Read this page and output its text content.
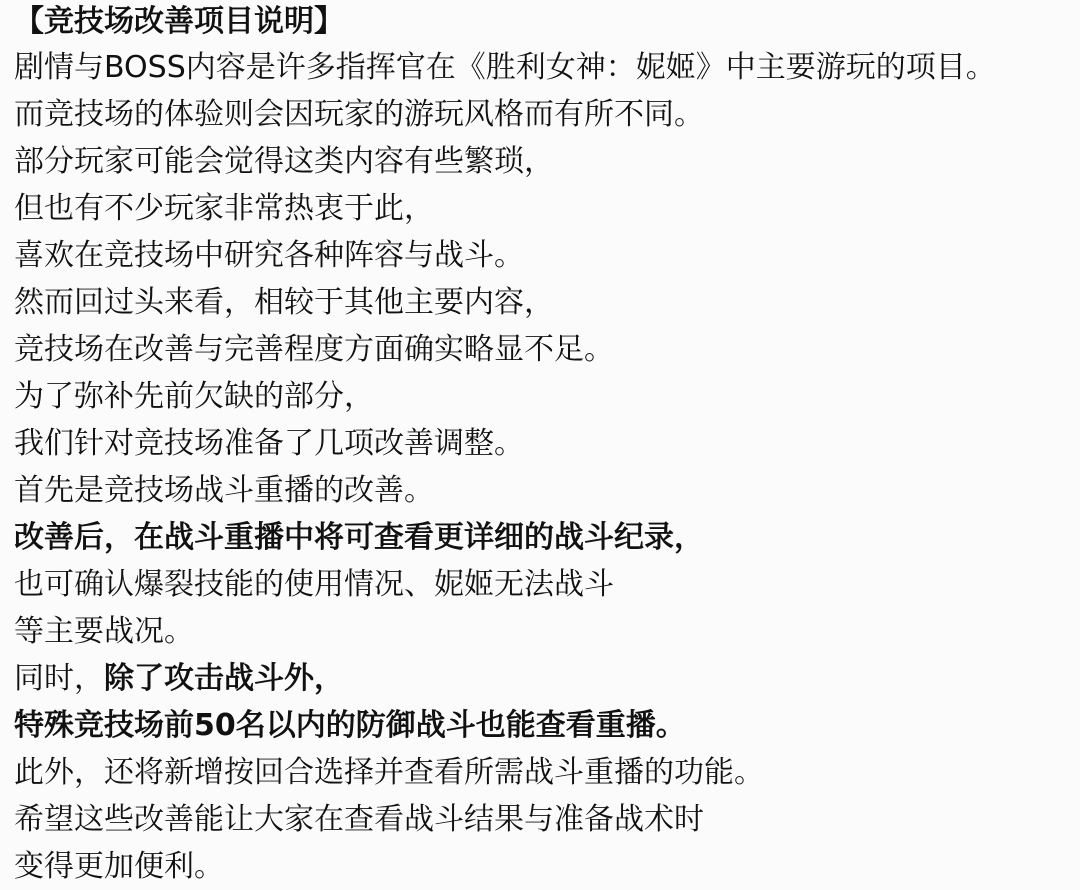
【竞技场改善项目说明】
剧情与BOSS内容是许多指挥官在《胜利女神：妮姬》中主要游玩的项目。
而竞技场的体验则会因玩家的游玩风格而有所不同。
部分玩家可能会觉得这类内容有些繁琐，
但也有不少玩家非常热衷于此，
喜欢在竞技场中研究各种阵容与战斗。
然而回过头来看，相较于其他主要内容，
竞技场在改善与完善程度方面确实略显不足。
为了弥补先前欠缺的部分，
我们针对竞技场准备了几项改善调整。
首先是竞技场战斗重播的改善。
改善后，在战斗重播中将可查看更详细的战斗纪录，
也可确认爆裂技能的使用情况、妮姬无法战斗
等主要战况。
同时，除了攻击战斗外，
特殊竞技场前50名以内的防御战斗也能查看重播。
此外，还将新增按回合选择并查看所需战斗重播的功能。
希望这些改善能让大家在查看战斗结果与准备战术时
变得更加便利。
